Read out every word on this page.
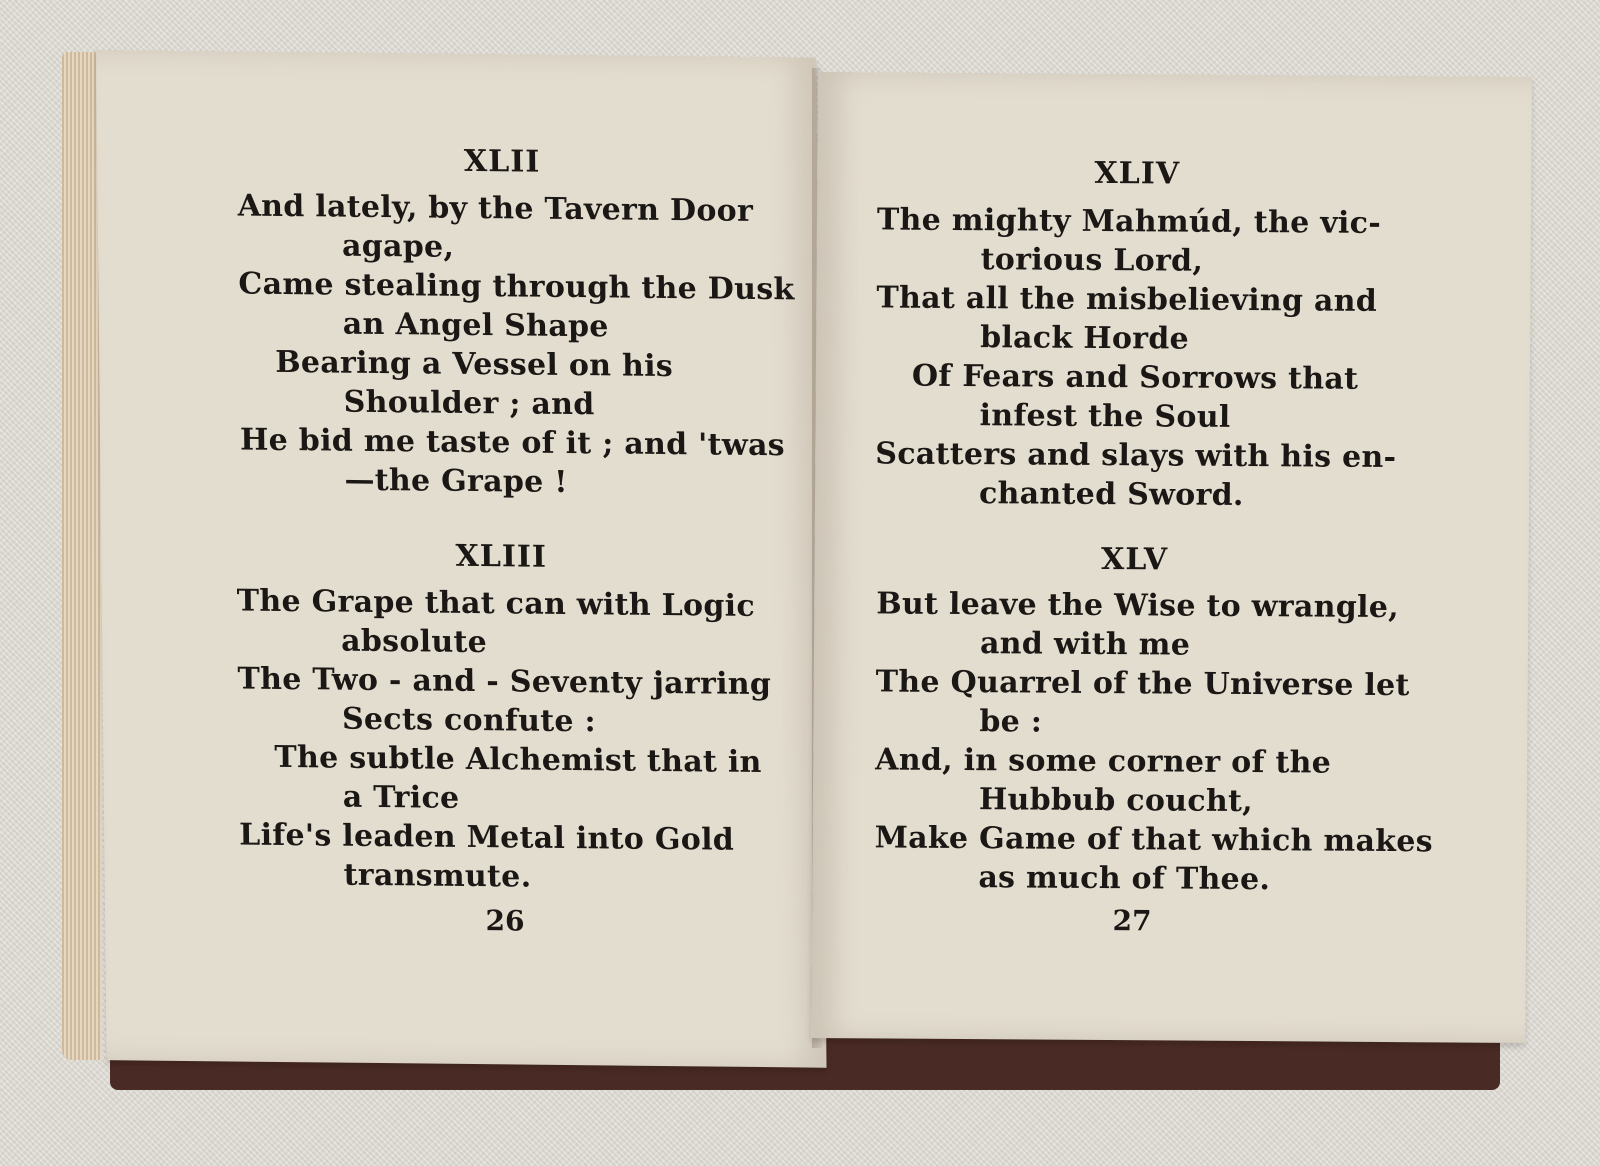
XLII
And lately, by the Tavern Door
agape,
Came stealing through the Dusk
an Angel Shape
Bearing a Vessel on his
Shoulder ; and
He bid me taste of it ; and 'twas
—the Grape !
XLIII
The Grape that can with Logic
absolute
The Two - and - Seventy jarring
Sects confute :
The subtle Alchemist that in
a Trice
Life's leaden Metal into Gold
transmute.
26
XLIV
The mighty Mahmúd, the vic-
torious Lord,
That all the misbelieving and
black Horde
Of Fears and Sorrows that
infest the Soul
Scatters and slays with his en-
chanted Sword.
XLV
But leave the Wise to wrangle,
and with me
The Quarrel of the Universe let
be :
And, in some corner of the
Hubbub coucht,
Make Game of that which makes
as much of Thee.
27
